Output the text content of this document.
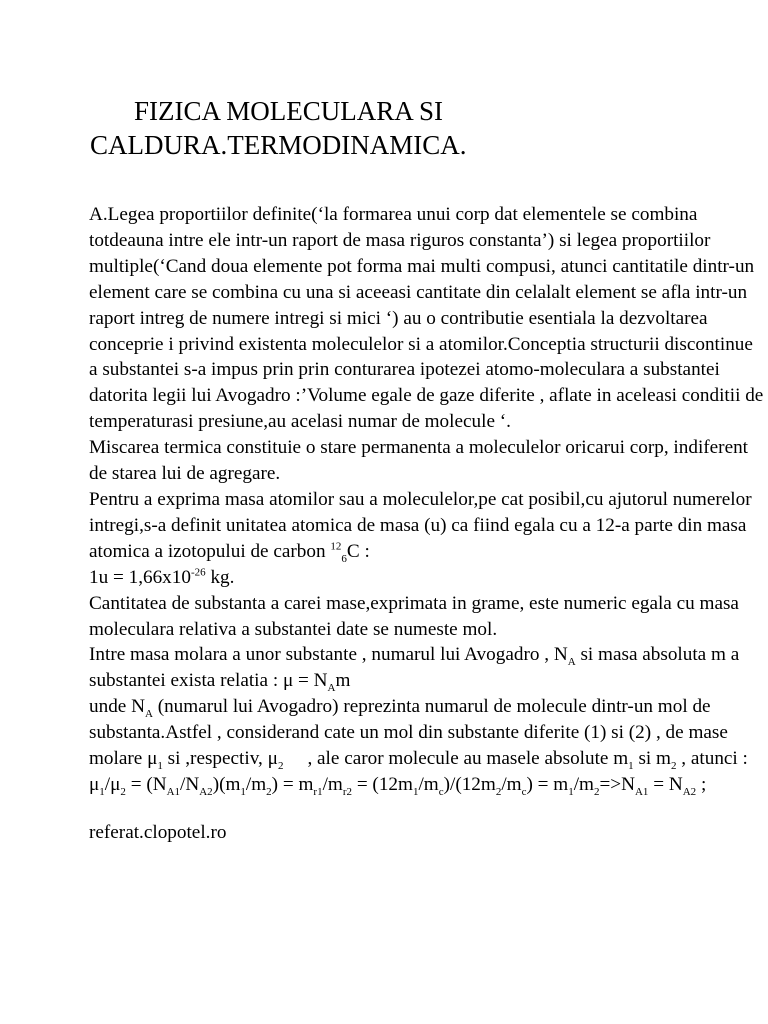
FIZICA MOLECULARA SI
CALDURA.TERMODINAMICA.

A.Legea proportiilor definite(‘la formarea unui corp dat elementele se combina totdeauna intre ele intr-un raport de masa riguros constanta’) si legea proportiilor multiple(‘Cand doua elemente pot forma mai multi compusi, atunci cantitatile dintr-un element care se combina cu una si aceeasi cantitate din celalalt element se afla intr-un raport intreg de numere intregi si mici ‘) au o contributie esentiala la dezvoltarea conceprie i privind existenta moleculelor si a atomilor.Conceptia structurii discontinue a substantei s-a impus prin prin conturarea ipotezei atomo-moleculara a substantei datorita legii lui Avogadro :’Volume egale de gaze diferite , aflate in aceleasi conditii de temperaturasi presiune,au acelasi numar de molecule ‘.

Miscarea termica constituie o stare permanenta a moleculelor oricarui corp, indiferent de starea lui de agregare.

Pentru a exprima masa atomilor sau a moleculelor,pe cat posibil,cu ajutorul numerelor intregi,s-a definit unitatea atomica de masa (u) ca fiind egala cu a 12-a parte din masa atomica a izotopului de carbon $^{12}_6$C :

$1u = 1,66x10^{-26}$ kg.

Cantitatea de substanta a carei mase,exprimata in grame, este numeric egala cu masa moleculara relativa a substantei date se numeste mol.

Intre masa molara a unor substante , numarul lui Avogadro , $N_A$ si masa absoluta m a substantei exista relatia : $\mu = N_Am$

unde $N_A$ (numarul lui Avogadro) reprezinta numarul de molecule dintr-un mol de substanta.Astfel , considerand cate un mol din substante diferite (1) si (2) , de mase molare $\mu_1$ si ,respectiv, $\mu_2$ , ale caror molecule au masele absolute $m_1$ si $m_2$ , atunci :

$\mu_1/\mu_2 = (N_{A1}/N_{A2})(m_1/m_2) = m_{r1}/m_{r2} = (12m_1/m_c)/(12m_2/m_c) = m_1/m_2=>N_{A1} = N_{A2}$ ;

referat.clopotel.ro
